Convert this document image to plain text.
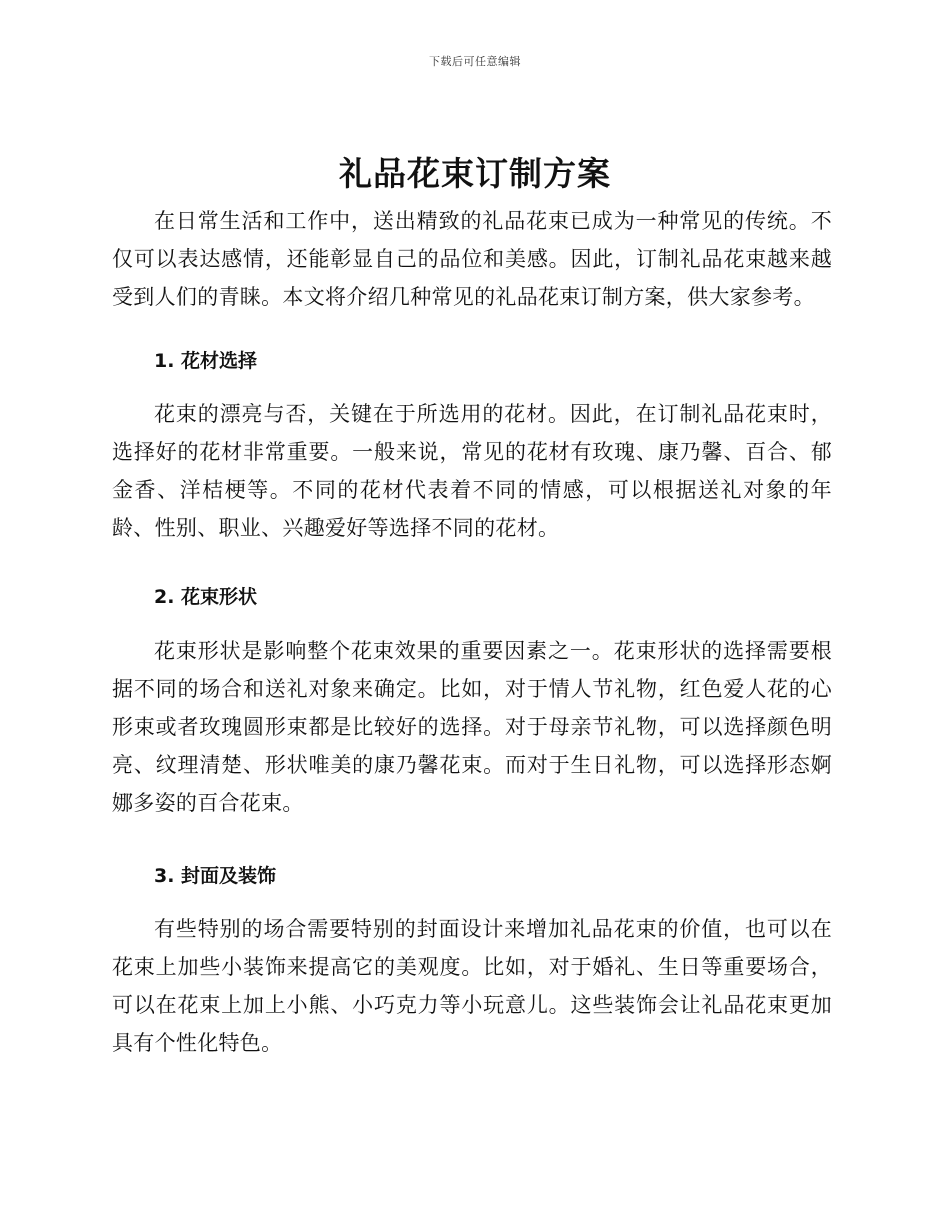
下载后可任意编辑
礼品花束订制方案

在日常生活和工作中，送出精致的礼品花束已成为一种常见的传统。不仅可以表达感情，还能彰显自己的品位和美感。因此，订制礼品花束越来越受到人们的青睐。本文将介绍几种常见的礼品花束订制方案，供大家参考。

1. 花材选择

花束的漂亮与否，关键在于所选用的花材。因此，在订制礼品花束时，选择好的花材非常重要。一般来说，常见的花材有玫瑰、康乃馨、百合、郁金香、洋桔梗等。不同的花材代表着不同的情感，可以根据送礼对象的年龄、性别、职业、兴趣爱好等选择不同的花材。

2. 花束形状

花束形状是影响整个花束效果的重要因素之一。花束形状的选择需要根据不同的场合和送礼对象来确定。比如，对于情人节礼物，红色爱人花的心形束或者玫瑰圆形束都是比较好的选择。对于母亲节礼物，可以选择颜色明亮、纹理清楚、形状唯美的康乃馨花束。而对于生日礼物，可以选择形态婀娜多姿的百合花束。

3. 封面及装饰

有些特别的场合需要特别的封面设计来增加礼品花束的价值，也可以在花束上加些小装饰来提高它的美观度。比如，对于婚礼、生日等重要场合，可以在花束上加上小熊、小巧克力等小玩意儿。这些装饰会让礼品花束更加具有个性化特色。
